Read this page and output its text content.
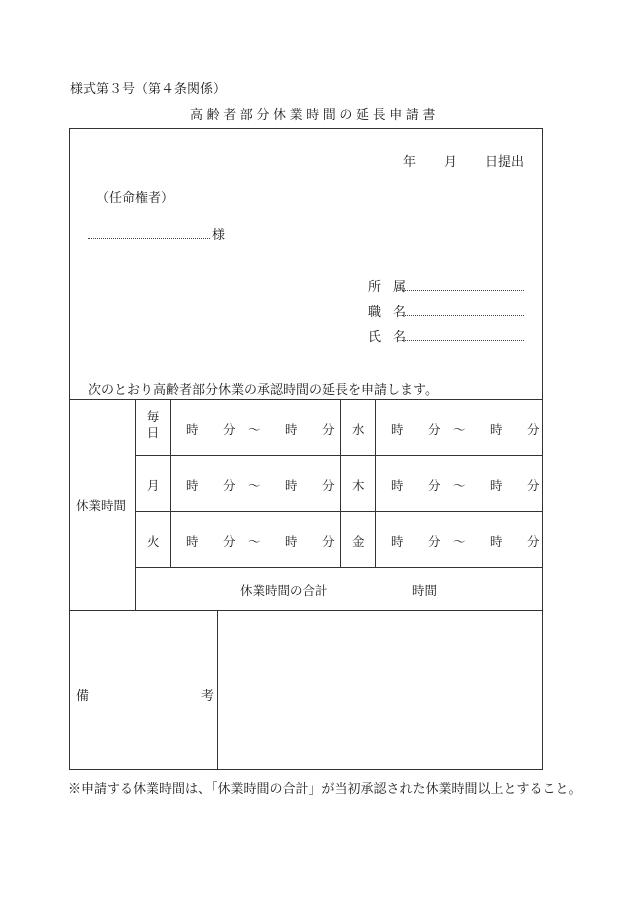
様式第３号（第４条関係）
高齢者部分休業時間の延長申請書
年 月 日提出
（任命権者）
様
所属
職名
氏名
次のとおり高齢者部分休業の承認時間の延長を申請します。
休業時間
毎日 時 分 ～ 時 分 水 時 分 ～ 時 分
月 時 分 ～ 時 分 木 時 分 ～ 時 分
火 時 分 ～ 時 分 金 時 分 ～ 時 分
休業時間の合計	時間
備	考
※申請する休業時間は、「休業時間の合計」が当初承認された休業時間以上とすること。
